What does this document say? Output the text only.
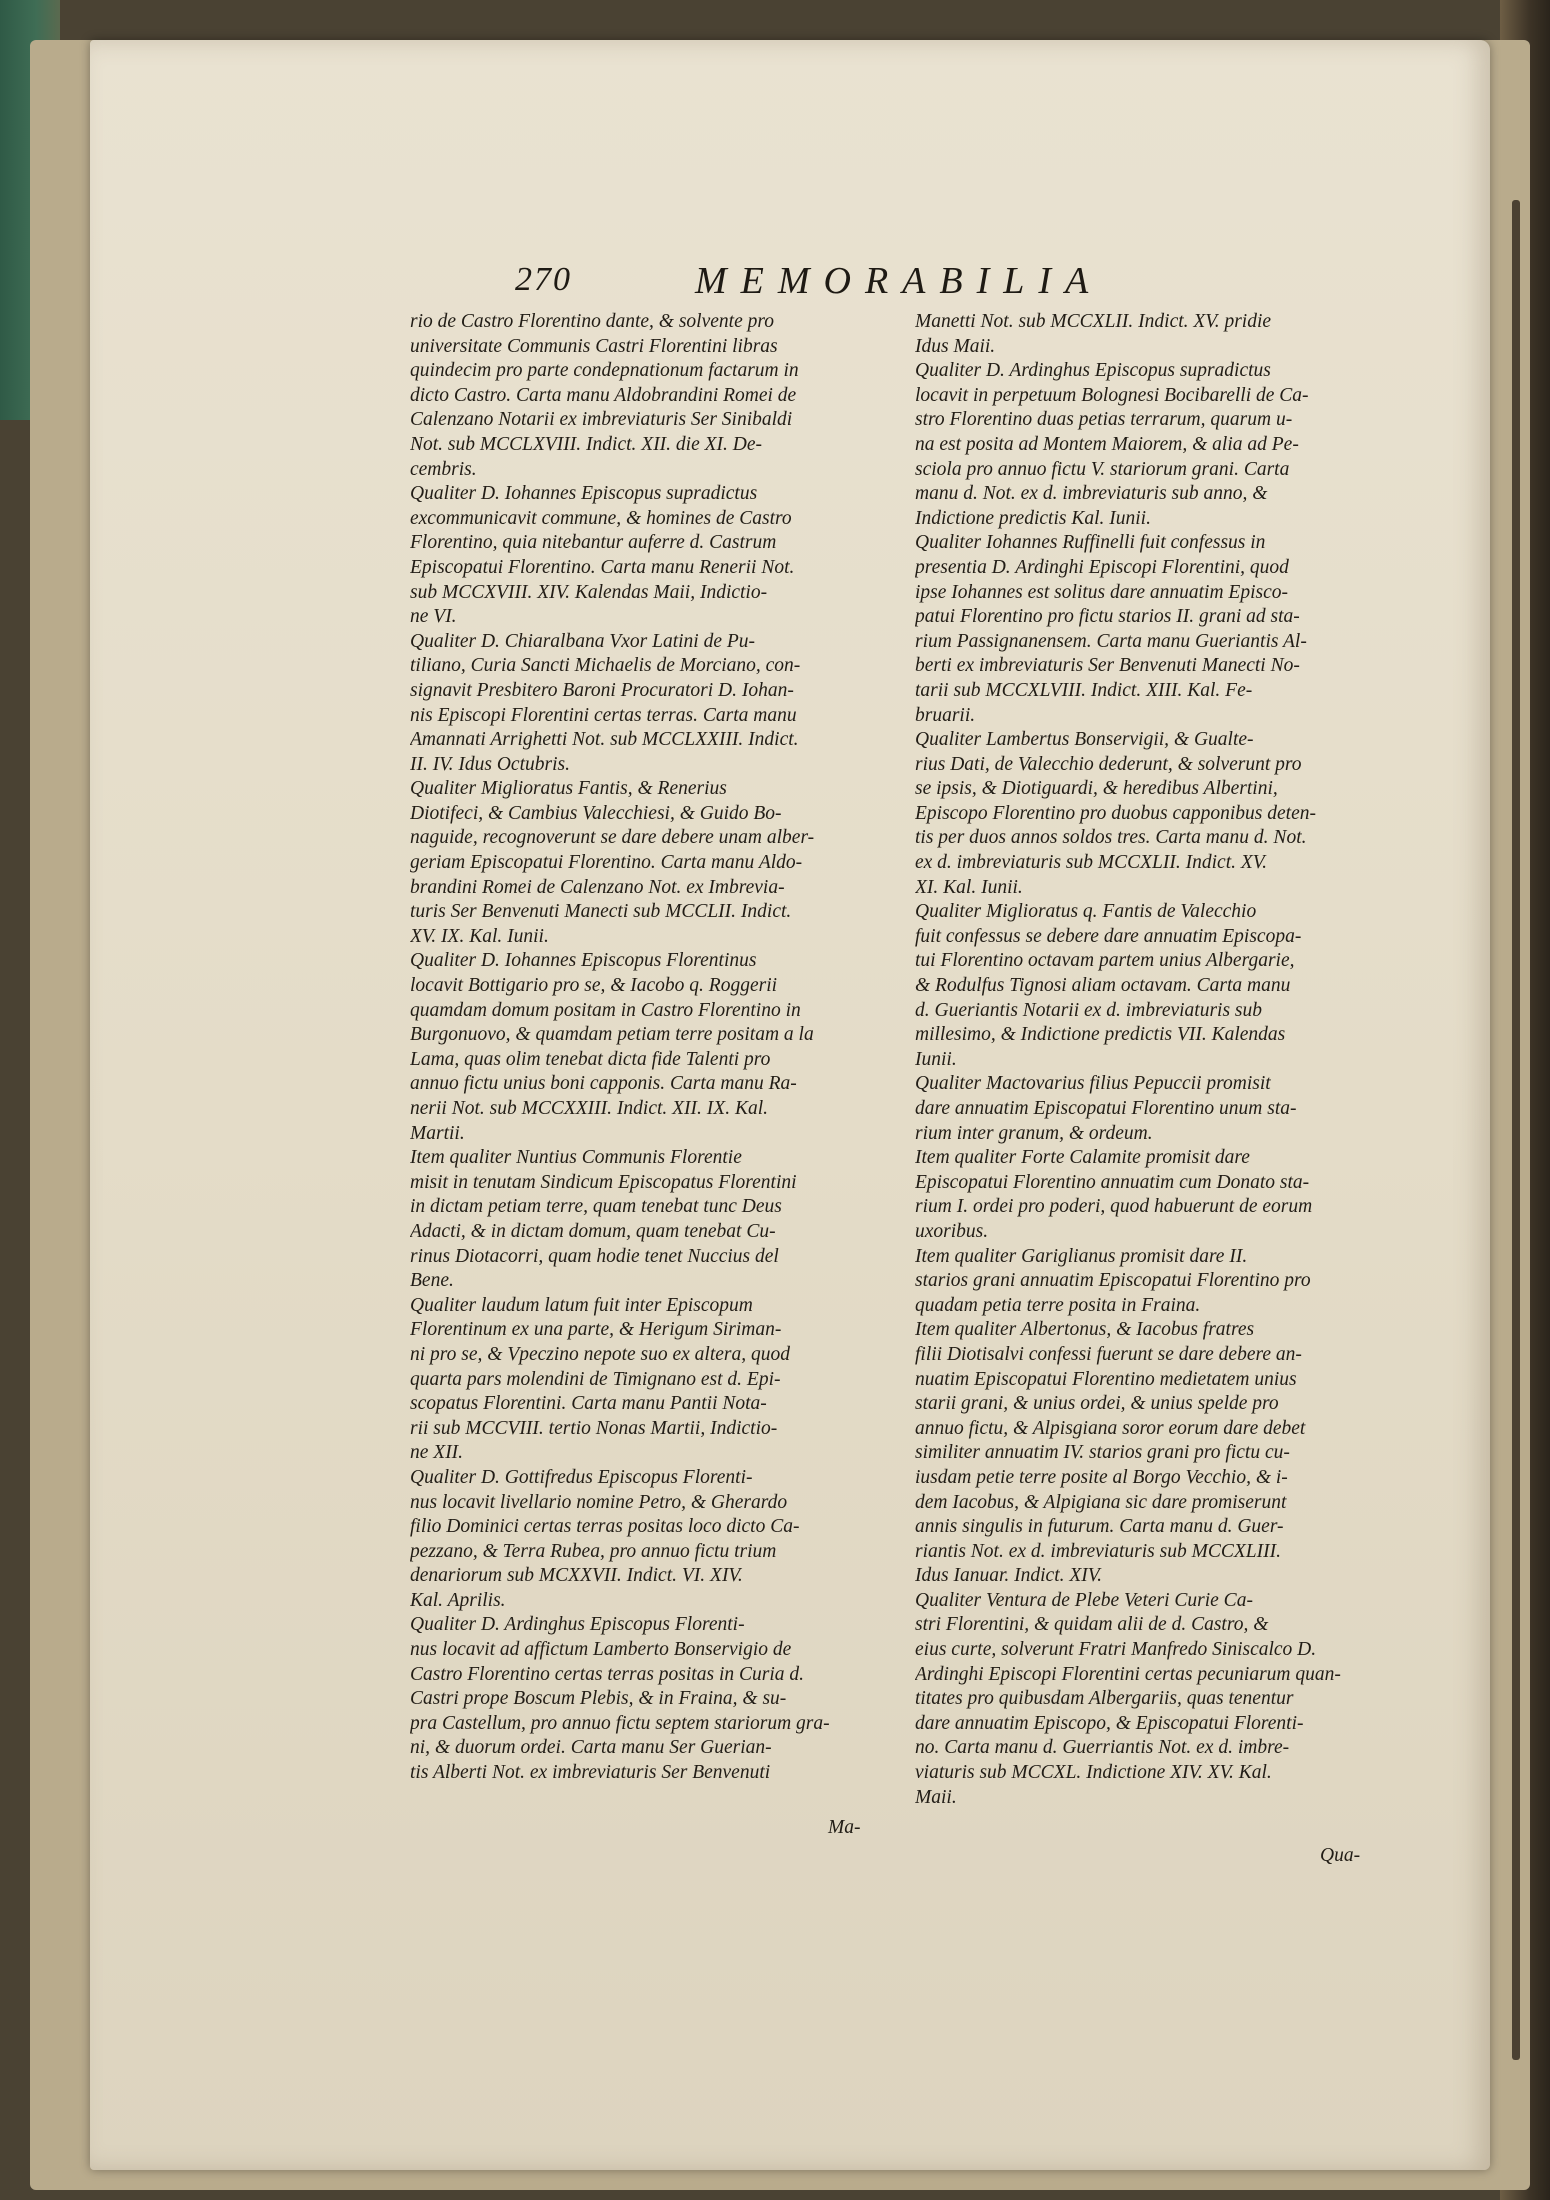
270	MEMORABILIA
rio de Castro Florentino dante, & solvente pro
universitate Communis Castri Florentini libras
quindecim pro parte condepnationum factarum in
dicto Castro. Carta manu Aldobrandini Romei de
Calenzano Notarii ex imbreviaturis Ser Sinibaldi
Not. sub MCCLXVIII. Indict. XII. die XI. De-
cembris.
Qualiter D. Iohannes Episcopus supradictus
excommunicavit commune, & homines de Castro
Florentino, quia nitebantur auferre d. Castrum
Episcopatui Florentino. Carta manu Renerii Not.
sub MCCXVIII. XIV. Kalendas Maii, Indictio-
ne VI.
Qualiter D. Chiaralbana Vxor Latini de Pu-
tiliano, Curia Sancti Michaelis de Morciano, con-
signavit Presbitero Baroni Procuratori D. Iohan-
nis Episcopi Florentini certas terras. Carta manu
Amannati Arrighetti Not. sub MCCLXXIII. Indict.
II. IV. Idus Octubris.
Qualiter Miglioratus Fantis, & Renerius
Diotifeci, & Cambius Valecchiesi, & Guido Bo-
naguide, recognoverunt se dare debere unam alber-
geriam Episcopatui Florentino. Carta manu Aldo-
brandini Romei de Calenzano Not. ex Imbrevia-
turis Ser Benvenuti Manecti sub MCCLII. Indict.
XV. IX. Kal. Iunii.
Qualiter D. Iohannes Episcopus Florentinus
locavit Bottigario pro se, & Iacobo q. Roggerii
quamdam domum positam in Castro Florentino in
Burgonuovo, & quamdam petiam terre positam a la
Lama, quas olim tenebat dicta fide Talenti pro
annuo fictu unius boni capponis. Carta manu Ra-
nerii Not. sub MCCXXIII. Indict. XII. IX. Kal.
Martii.
Item qualiter Nuntius Communis Florentie
misit in tenutam Sindicum Episcopatus Florentini
in dictam petiam terre, quam tenebat tunc Deus
Adacti, & in dictam domum, quam tenebat Cu-
rinus Diotacorri, quam hodie tenet Nuccius del
Bene.
Qualiter laudum latum fuit inter Episcopum
Florentinum ex una parte, & Herigum Siriman-
ni pro se, & Vpeczino nepote suo ex altera, quod
quarta pars molendini de Timignano est d. Epi-
scopatus Florentini. Carta manu Pantii Nota-
rii sub MCCVIII. tertio Nonas Martii, Indictio-
ne XII.
Qualiter D. Gottifredus Episcopus Florenti-
nus locavit livellario nomine Petro, & Gherardo
filio Dominici certas terras positas loco dicto Ca-
pezzano, & Terra Rubea, pro annuo fictu trium
denariorum sub MCXXVII. Indict. VI. XIV.
Kal. Aprilis.
Qualiter D. Ardinghus Episcopus Florenti-
nus locavit ad affictum Lamberto Bonservigio de
Castro Florentino certas terras positas in Curia d.
Castri prope Boscum Plebis, & in Fraina, & su-
pra Castellum, pro annuo fictu septem stariorum gra-
ni, & duorum ordei. Carta manu Ser Guerian-
tis Alberti Not. ex imbreviaturis Ser Benvenuti
Manetti Not. sub MCCXLII. Indict. XV. pridie
Idus Maii.
Qualiter D. Ardinghus Episcopus supradictus
locavit in perpetuum Bolognesi Bocibarelli de Ca-
stro Florentino duas petias terrarum, quarum u-
na est posita ad Montem Maiorem, & alia ad Pe-
sciola pro annuo fictu V. stariorum grani. Carta
manu d. Not. ex d. imbreviaturis sub anno, &
Indictione predictis Kal. Iunii.
Qualiter Iohannes Ruffinelli fuit confessus in
presentia D. Ardinghi Episcopi Florentini, quod
ipse Iohannes est solitus dare annuatim Episco-
patui Florentino pro fictu starios II. grani ad sta-
rium Passignanensem. Carta manu Gueriantis Al-
berti ex imbreviaturis Ser Benvenuti Manecti No-
tarii sub MCCXLVIII. Indict. XIII. Kal. Fe-
bruarii.
Qualiter Lambertus Bonservigii, & Gualte-
rius Dati, de Valecchio dederunt, & solverunt pro
se ipsis, & Diotiguardi, & heredibus Albertini,
Episcopo Florentino pro duobus capponibus deten-
tis per duos annos soldos tres. Carta manu d. Not.
ex d. imbreviaturis sub MCCXLII. Indict. XV.
XI. Kal. Iunii.
Qualiter Miglioratus q. Fantis de Valecchio
fuit confessus se debere dare annuatim Episcopa-
tui Florentino octavam partem unius Albergarie,
& Rodulfus Tignosi aliam octavam. Carta manu
d. Gueriantis Notarii ex d. imbreviaturis sub
millesimo, & Indictione predictis VII. Kalendas
Iunii.
Qualiter Mactovarius filius Pepuccii promisit
dare annuatim Episcopatui Florentino unum sta-
rium inter granum, & ordeum.
Item qualiter Forte Calamite promisit dare
Episcopatui Florentino annuatim cum Donato sta-
rium I. ordei pro poderi, quod habuerunt de eorum
uxoribus.
Item qualiter Gariglianus promisit dare II.
starios grani annuatim Episcopatui Florentino pro
quadam petia terre posita in Fraina.
Item qualiter Albertonus, & Iacobus fratres
filii Diotisalvi confessi fuerunt se dare debere an-
nuatim Episcopatui Florentino medietatem unius
starii grani, & unius ordei, & unius spelde pro
annuo fictu, & Alpisgiana soror eorum dare debet
similiter annuatim IV. starios grani pro fictu cu-
iusdam petie terre posite al Borgo Vecchio, & i-
dem Iacobus, & Alpigiana sic dare promiserunt
annis singulis in futurum. Carta manu d. Guer-
riantis Not. ex d. imbreviaturis sub MCCXLIII.
Idus Ianuar. Indict. XIV.
Qualiter Ventura de Plebe Veteri Curie Ca-
stri Florentini, & quidam alii de d. Castro, &
eius curte, solverunt Fratri Manfredo Siniscalco D.
Ardinghi Episcopi Florentini certas pecuniarum quan-
titates pro quibusdam Albergariis, quas tenentur
dare annuatim Episcopo, & Episcopatui Florenti-
no. Carta manu d. Guerriantis Not. ex d. imbre-
viaturis sub MCCXL. Indictione XIV. XV. Kal.
Maii.
Ma-
Qua-
